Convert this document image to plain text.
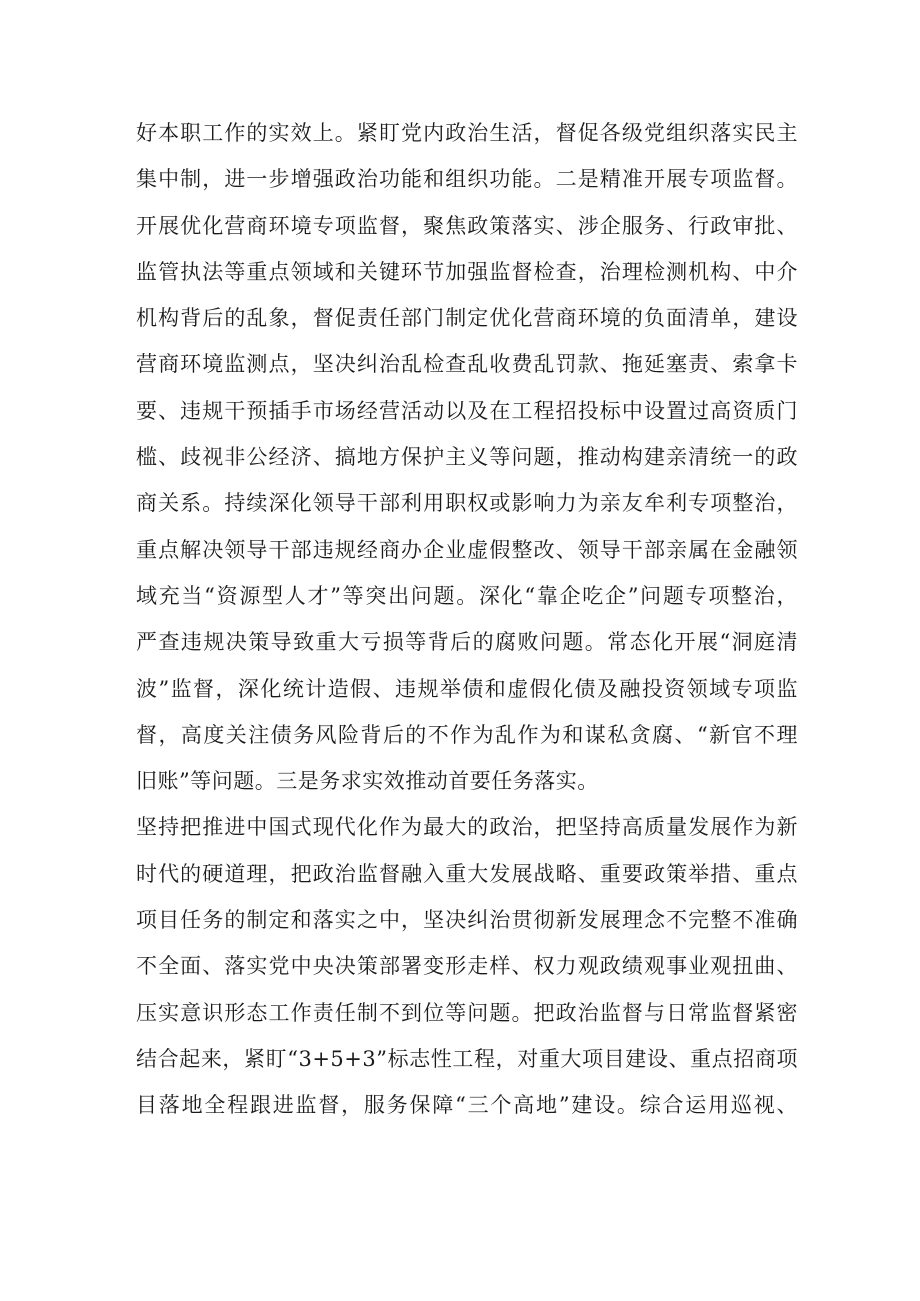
好本职工作的实效上。紧盯党内政治生活，督促各级党组织落实民主
集中制，进一步增强政治功能和组织功能。二是精准开展专项监督。
开展优化营商环境专项监督，聚焦政策落实、涉企服务、行政审批、
监管执法等重点领域和关键环节加强监督检查，治理检测机构、中介
机构背后的乱象，督促责任部门制定优化营商环境的负面清单，建设
营商环境监测点，坚决纠治乱检查乱收费乱罚款、拖延塞责、索拿卡
要、违规干预插手市场经营活动以及在工程招投标中设置过高资质门
槛、歧视非公经济、搞地方保护主义等问题，推动构建亲清统一的政
商关系。持续深化领导干部利用职权或影响力为亲友牟利专项整治，
重点解决领导干部违规经商办企业虚假整改、领导干部亲属在金融领
域充当“资源型人才”等突出问题。深化“靠企吃企”问题专项整治，
严查违规决策导致重大亏损等背后的腐败问题。常态化开展“洞庭清
波”监督，深化统计造假、违规举债和虚假化债及融投资领域专项监
督，高度关注债务风险背后的不作为乱作为和谋私贪腐、“新官不理
旧账”等问题。三是务求实效推动首要任务落实。
坚持把推进中国式现代化作为最大的政治，把坚持高质量发展作为新
时代的硬道理，把政治监督融入重大发展战略、重要政策举措、重点
项目任务的制定和落实之中，坚决纠治贯彻新发展理念不完整不准确
不全面、落实党中央决策部署变形走样、权力观政绩观事业观扭曲、
压实意识形态工作责任制不到位等问题。把政治监督与日常监督紧密
结合起来，紧盯“3+5+3”标志性工程，对重大项目建设、重点招商项
目落地全程跟进监督，服务保障“三个高地”建设。综合运用巡视、
